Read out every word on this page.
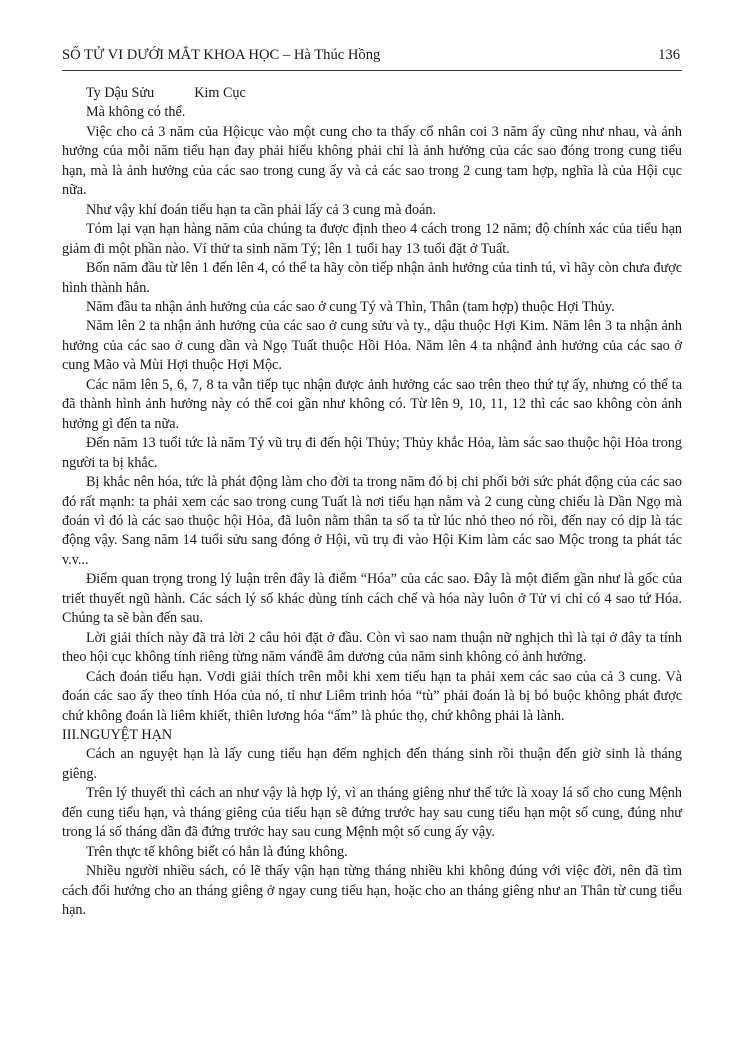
SỐ TỬ VI DƯỚI MẮT KHOA HỌC – Hà Thúc Hồng	136

Ty Dậu Sửu	Kim Cục

Mà không có thể.

Việc cho cả 3 năm của Hộicục vào một cung cho ta thấy cổ nhân coi 3 năm ấy cũng như nhau, và ảnh hưởng của mỗi năm tiểu hạn đay phải hiểu không phải chỉ là ảnh hưởng của các sao đóng trong cung tiểu hạn, mà là ảnh hưởng của các sao trong cung ấy và cả các sao trong 2 cung tam hợp, nghĩa là của Hội cục nữa.

Như vậy khí đoán tiểu hạn ta cần phải lấy cả 3 cung mà đoán.

Tóm lại vạn hạn hàng năm của chúng ta được định theo 4 cách trong 12 năm; độ chính xác của tiểu hạn giảm đi một phần nào. Ví thử ta sinh năm Tý; lên 1 tuổi hay 13 tuổi đặt ở Tuất.

Bốn năm đầu từ lên 1 đến lên 4, có thể ta hãy còn tiếp nhận ảnh hưởng của tinh tú, vì hãy còn chưa được hình thành hẳn.

Năm đầu ta nhận ảnh hưởng của các sao ở cung Tý và Thìn, Thân (tam hợp) thuộc Hợi Thủy.

Năm lên 2 ta nhận ảnh hưởng của các sao ở cung sửu và ty., dậu thuộc Hợi Kim. Năm lên 3 ta nhận ảnh hưởng của các sao ở cung dần và Ngọ Tuất thuộc Hồi Hỏa. Năm lên 4 ta nhậnđ ảnh hưởng của các sao ở cung Mão và Mùi Hợi thuộc Hợi Mộc.

Các năm lên 5, 6, 7, 8 ta vẫn tiếp tục nhận được ảnh hưởng các sao trên theo thứ tự ấy, nhưng có thể ta đã thành hình ảnh hưởng này có thể coi gần như không có. Từ lên 9, 10, 11, 12 thì các sao không còn ảnh hưởng gì đến ta nữa.

Đến năm 13 tuổi tức là năm Tý vũ trụ đi đến hội Thủy; Thủy khắc Hỏa, làm sác sao thuộc hội Hỏa trong người ta bị khắc.

Bị khắc nên hóa, tức là phát động làm cho đời ta trong năm đó bị chi phối bởi sức phát động của các sao đó rất mạnh: ta phải xem các sao trong cung Tuất là nơi tiểu hạn nằm và 2 cung cùng chiếu là Dần Ngọ mà đoán vì đó là các sao thuộc hội Hỏa, đã luôn nằm thân ta số ta từ lúc nhỏ theo nó rồi, đến nay có dịp là tác động vậy. Sang năm 14 tuổi sửu sang đóng ở Hội, vũ trụ đi vào Hội Kim làm các sao Mộc trong ta phát tác v.v...

Điểm quan trọng trong lý luận trên đây là điểm “Hóa” của các sao. Đây là một điểm gần như là gốc của triết thuyết ngũ hành. Các sách lý số khác dùng tính cách chế và hóa này luôn ở Tử vi chỉ có 4 sao tứ Hóa. Chúng ta sẽ bàn đến sau.

Lời giải thích này đã trả lời 2 câu hỏi đặt ở đầu. Còn vì sao nam thuận nữ nghịch thì là tại ở đây ta tính theo hội cục không tính riêng từng năm vánđề âm dương của năm sinh không có ảnh hưởng.

Cách đoán tiểu hạn. Vơdi giải thích trên mỗi khi xem tiểu hạn ta phải xem các sao của cả 3 cung. Và đoán các sao ấy theo tính Hóa của nó, tỉ như Liêm trinh hóa “tù” phải đoán là bị bó buộc không phát được chứ không đoán là liêm khiết, thiên lương hóa “ấm” là phúc thọ, chứ không phải là lành.

III.NGUYỆT HẠN

Cách an nguyệt hạn là lấy cung tiểu hạn đếm nghịch đến tháng sinh rồi thuận đến giờ sinh là tháng giêng.

Trên lý thuyết thì cách an như vậy là hợp lý, vì an tháng giêng như thế tức là xoay lá số cho cung Mệnh đến cung tiểu hạn, và tháng giêng của tiểu hạn sẽ đứng trước hay sau cung tiểu hạn một số cung, đúng như trong lá số tháng dần đã đứng trước hay sau cung Mệnh một số cung ấy vậy.

Trên thực tế không biết có hẳn là đúng không.

Nhiều người nhiều sách, có lẽ thấy vận hạn từng tháng nhiều khi không đúng với việc đời, nên đã tìm cách đổi hướng cho an tháng giêng ở ngay cung tiểu hạn, hoặc cho an tháng giêng như an Thân từ cung tiểu hạn.
